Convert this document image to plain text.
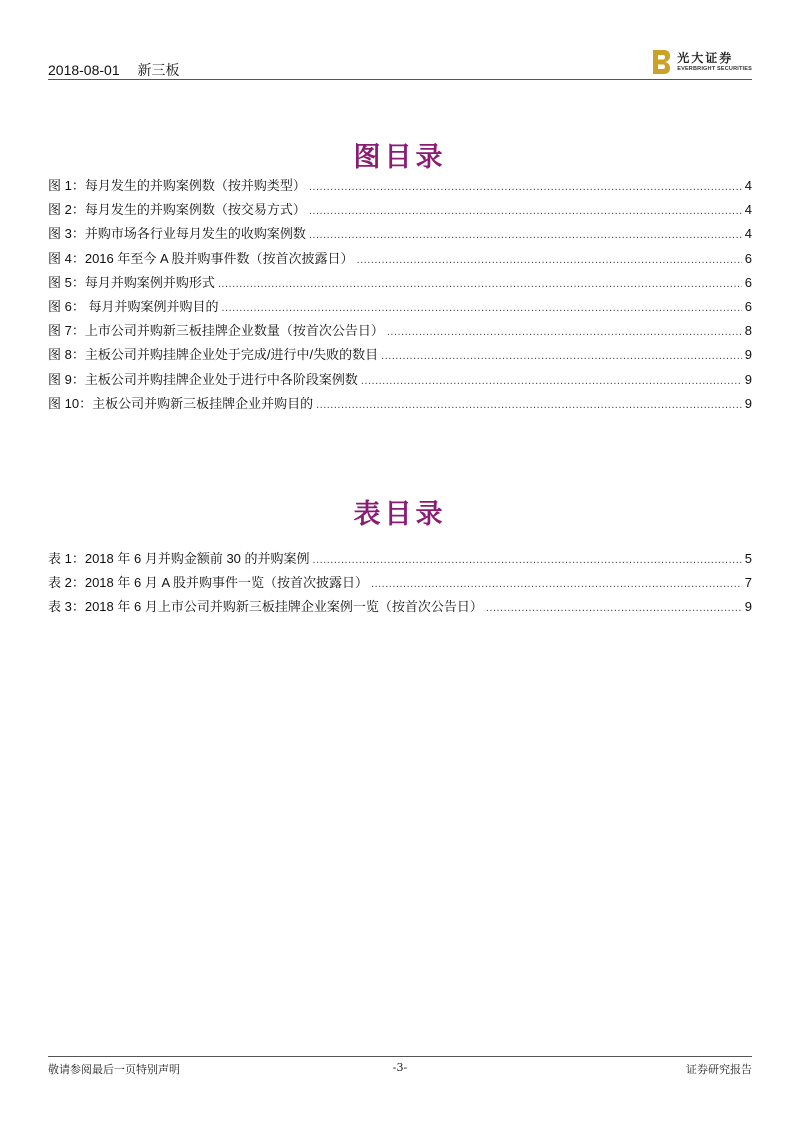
2018-08-01 新三板
光大证券
EVERBRIGHT SECURITIES
图目录
图 1：每月发生的并购案例数（按并购类型） .....	4
图 2：每月发生的并购案例数（按交易方式） .....	4
图 3：并购市场各行业每月发生的收购案例数 .....	4
图 4：2016 年至今 A 股并购事件数（按首次披露日） .....	6
图 5：每月并购案例并购形式 .....	6
图 6： 每月并购案例并购目的 .....	6
图 7：上市公司并购新三板挂牌企业数量（按首次公告日） .....	8
图 8：主板公司并购挂牌企业处于完成/进行中/失败的数目 .....	9
图 9：主板公司并购挂牌企业处于进行中各阶段案例数 .....	9
图 10：主板公司并购新三板挂牌企业并购目的 .....	9
表目录
表 1：2018 年 6 月并购金额前 30 的并购案例 .....	5
表 2：2018 年 6 月 A 股并购事件一览（按首次披露日） .....	7
表 3：2018 年 6 月上市公司并购新三板挂牌企业案例一览（按首次公告日） .....	9
敬请参阅最后一页特别声明	-3-	证券研究报告
